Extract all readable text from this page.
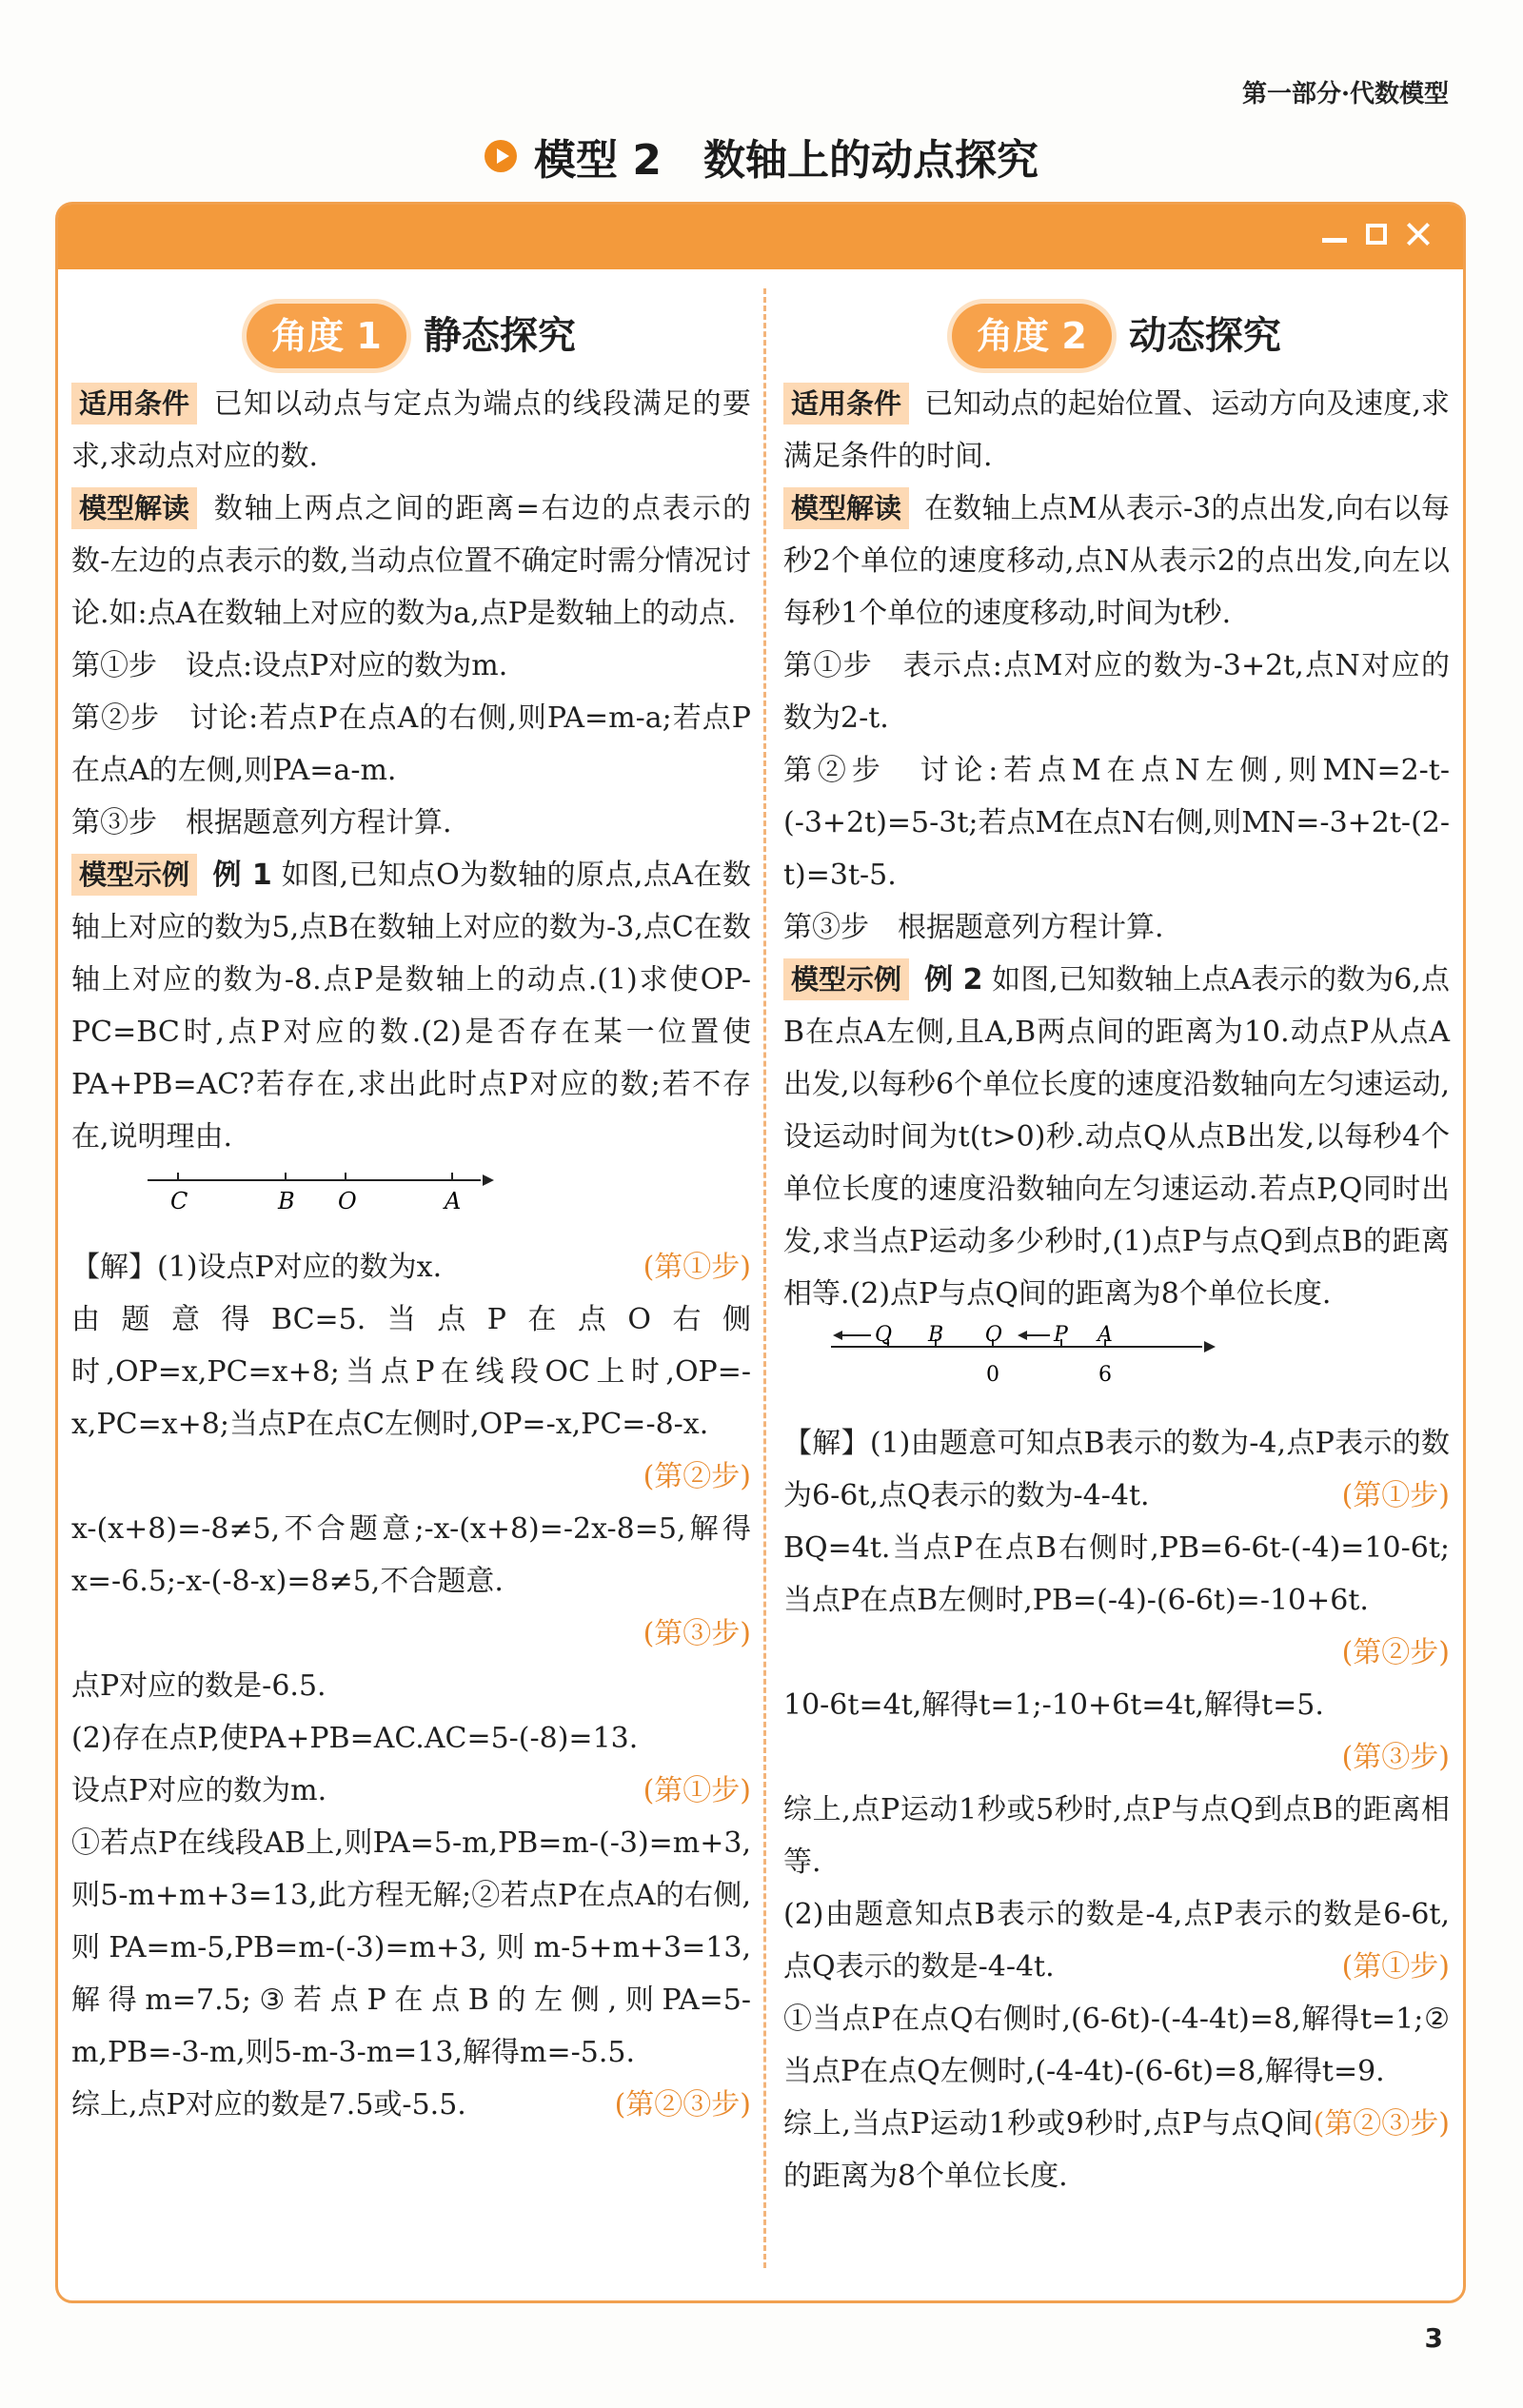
第一部分·代数模型
模型 2 数轴上的动点探究
角度 1	静态探究

适用条件 已知以动点与定点为端点的线段满足的要求,求动点对应的数.

模型解读 数轴上两点之间的距离=右边的点表示的数-左边的点表示的数,当动点位置不确定时需分情况讨论.如:点A在数轴上对应的数为a,点P是数轴上的动点.

第①步　设点:设点P对应的数为m.

第②步　讨论:若点P在点A的右侧,则PA=m-a;若点P在点A的左侧,则PA=a-m.

第③步　根据题意列方程计算.

模型示例 例 1 如图,已知点O为数轴的原点,点A在数轴上对应的数为5,点B在数轴上对应的数为-3,点C在数轴上对应的数为-8.点P是数轴上的动点.(1)求使OP-PC=BC时,点P对应的数.(2)是否存在某一位置使PA+PB=AC?若存在,求出此时点P对应的数;若不存在,说明理由.

C	B O	A

(第①步)
【解】(1)设点P对应的数为x.

由题意得BC=5.当点P在点O右侧时,OP=x,PC=x+8;当点P在线段OC上时,OP=-x,PC=x+8;当点P在点C左侧时,OP=-x,PC=-8-x.

(第②步)

x-(x+8)=-8≠5,不合题意;-x-(x+8)=-2x-8=5,解得x=-6.5;-x-(-8-x)=8≠5,不合题意.

(第③步)

点P对应的数是-6.5.

(2)存在点P,使PA+PB=AC.AC=5-(-8)=13.

(第①步)
设点P对应的数为m.

①若点P在线段AB上,则PA=5-m,PB=m-(-3)=m+3,则5-m+m+3=13,此方程无解;②若点P在点A的右侧,则PA=m-5,PB=m-(-3)=m+3,则m-5+m+3=13,解得m=7.5;③若点P在点B的左侧,则PA=5-m,PB=-3-m,则5-m-3-m=13,解得m=-5.5.
(第②③步)

综上,点P对应的数是7.5或-5.5.

角度 2	动态探究

适用条件 已知动点的起始位置、运动方向及速度,求满足条件的时间.

模型解读 在数轴上点M从表示-3的点出发,向右以每秒2个单位的速度移动,点N从表示2的点出发,向左以每秒1个单位的速度移动,时间为t秒.

第①步　表示点:点M对应的数为-3+2t,点N对应的数为2-t.

第②步　讨论:若点M在点N左侧,则MN=2-t-(-3+2t)=5-3t;若点M在点N右侧,则MN=-3+2t-(2-t)=3t-5.

第③步　根据题意列方程计算.

模型示例 例 2 如图,已知数轴上点A表示的数为6,点B在点A左侧,且A,B两点间的距离为10.动点P从点A出发,以每秒6个单位长度的速度沿数轴向左匀速运动,设运动时间为t(t>0)秒.动点Q从点B出发,以每秒4个单位长度的速度沿数轴向左匀速运动.若点P,Q同时出发,求当点P运动多少秒时,(1)点P与点Q到点B的距离相等.(2)点P与点Q间的距离为8个单位长度.

Q B O P A
0	6

【解】(1)由题意可知点B表示的数为-4,点P表示的数为6-6t,点Q表示的数为-4-4t.	(第①步)

BQ=4t.当点P在点B右侧时,PB=6-6t-(-4)=10-6t;当点P在点B左侧时,PB=(-4)-(6-6t)=-10+6t.

(第②步)

10-6t=4t,解得t=1;-10+6t=4t,解得t=5.

(第③步)

综上,点P运动1秒或5秒时,点P与点Q到点B的距离相等.

(2)由题意知点B表示的数是-4,点P表示的数是6-6t,点Q表示的数是-4-4t.	(第①步)

①当点P在点Q右侧时,(6-6t)-(-4-4t)=8,解得t=1;②当点P在点Q左侧时,(-4-4t)-(6-6t)=8,解得t=9.
(第②③步)

综上,当点P运动1秒或9秒时,点P与点Q间的距离为8个单位长度.

3
